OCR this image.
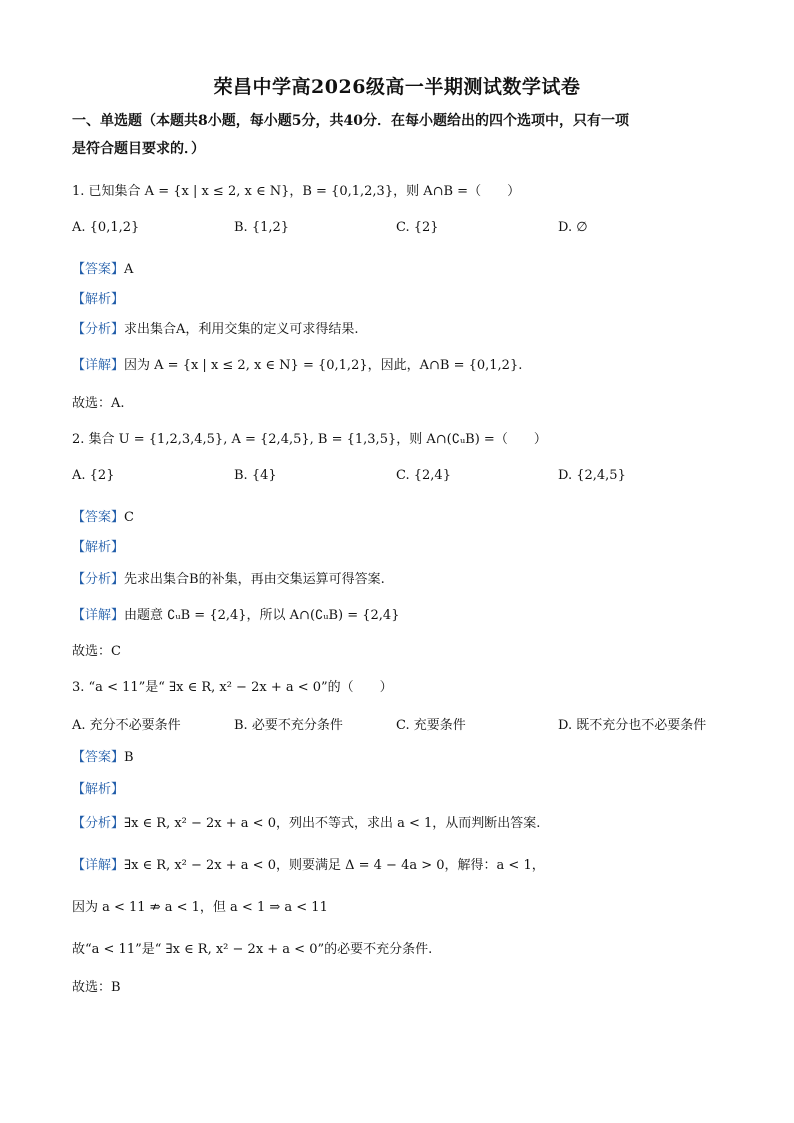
荣昌中学高2026级高一半期测试数学试卷
一、单选题（本题共8小题，每小题5分，共40分．在每小题给出的四个选项中，只有一项
是符合题目要求的．）
1. 已知集合 A = {x | x ≤ 2, x ∈ N}，B = {0,1,2,3}，则 A∩B =（　　）
A. {0,1,2}	B. {1,2}	C. {2}	D. ∅
【答案】A
【解析】
【分析】求出集合A，利用交集的定义可求得结果.
【详解】因为 A = {x | x ≤ 2, x ∈ N} = {0,1,2}，因此，A∩B = {0,1,2}.
故选：A.
2. 集合 U = {1,2,3,4,5}, A = {2,4,5}, B = {1,3,5}，则 A∩(∁ᵤB) =（　　）
A. {2}	B. {4}	C. {2,4}	D. {2,4,5}
【答案】C
【解析】
【分析】先求出集合B的补集，再由交集运算可得答案.
【详解】由题意 ∁ᵤB = {2,4}，所以 A∩(∁ᵤB) = {2,4}
故选：C
3. “a < 11”是“ ∃x ∈ R, x² − 2x + a < 0”的（　　）
A. 充分不必要条件	B. 必要不充分条件	C. 充要条件	D. 既不充分也不必要条件
【答案】B
【解析】
【分析】∃x ∈ R, x² − 2x + a < 0，列出不等式，求出 a < 1，从而判断出答案.
【详解】∃x ∈ R, x² − 2x + a < 0，则要满足 Δ = 4 − 4a > 0，解得：a < 1，
因为 a < 11 ⇏ a < 1，但 a < 1 ⇒ a < 11
故“a < 11”是“ ∃x ∈ R, x² − 2x + a < 0”的必要不充分条件.
故选：B
